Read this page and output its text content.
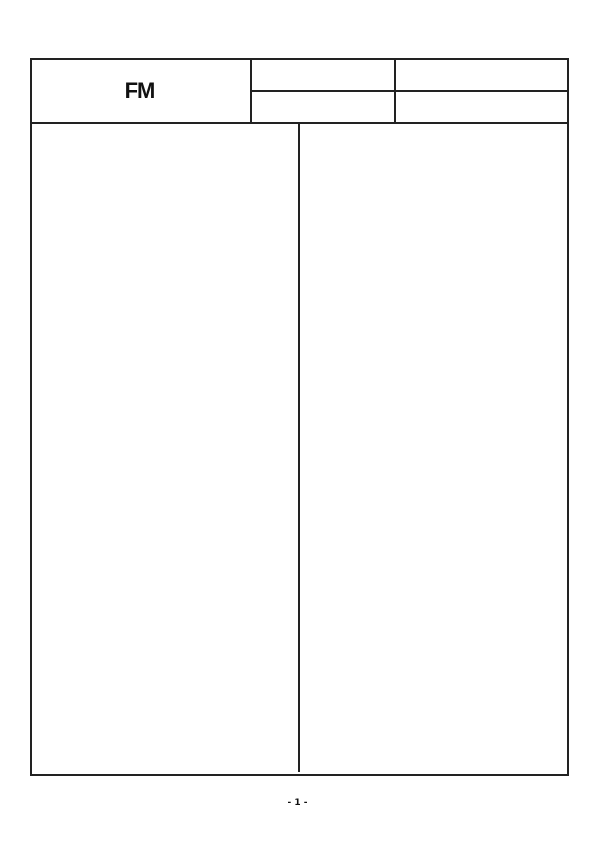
FM

- 1 -
